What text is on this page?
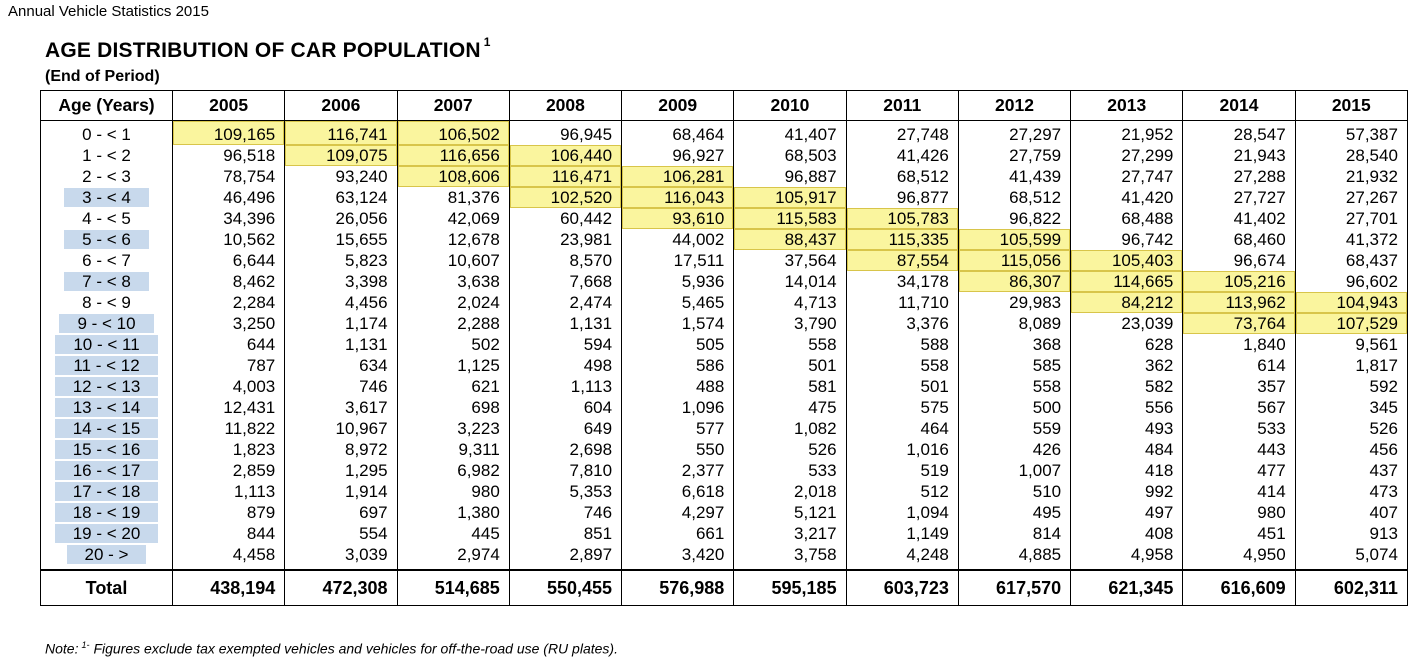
Annual Vehicle Statistics 2015
AGE DISTRIBUTION OF CAR POPULATION $^1$
(End of Period)
Age (Years)	2005	2006	2007	2008	2009	2010	2011	2012	2013	2014	2015
0 - < 1	109,165	116,741	106,502	96,945	68,464	41,407	27,748	27,297	21,952	28,547	57,387
1 - < 2	96,518	109,075	116,656	106,440	96,927	68,503	41,426	27,759	27,299	21,943	28,540
2 - < 3	78,754	93,240	108,606	116,471	106,281	96,887	68,512	41,439	27,747	27,288	21,932
3 - < 4	46,496	63,124	81,376	102,520	116,043	105,917	96,877	68,512	41,420	27,727	27,267
4 - < 5	34,396	26,056	42,069	60,442	93,610	115,583	105,783	96,822	68,488	41,402	27,701
5 - < 6	10,562	15,655	12,678	23,981	44,002	88,437	115,335	105,599	96,742	68,460	41,372
6 - < 7	6,644	5,823	10,607	8,570	17,511	37,564	87,554	115,056	105,403	96,674	68,437
7 - < 8	8,462	3,398	3,638	7,668	5,936	14,014	34,178	86,307	114,665	105,216	96,602
8 - < 9	2,284	4,456	2,024	2,474	5,465	4,713	11,710	29,983	84,212	113,962	104,943
9 - < 10	3,250	1,174	2,288	1,131	1,574	3,790	3,376	8,089	23,039	73,764	107,529
10 - < 11	644	1,131	502	594	505	558	588	368	628	1,840	9,561
11 - < 12	787	634	1,125	498	586	501	558	585	362	614	1,817
12 - < 13	4,003	746	621	1,113	488	581	501	558	582	357	592
13 - < 14	12,431	3,617	698	604	1,096	475	575	500	556	567	345
14 - < 15	11,822	10,967	3,223	649	577	1,082	464	559	493	533	526
15 - < 16	1,823	8,972	9,311	2,698	550	526	1,016	426	484	443	456
16 - < 17	2,859	1,295	6,982	7,810	2,377	533	519	1,007	418	477	437
17 - < 18	1,113	1,914	980	5,353	6,618	2,018	512	510	992	414	473
18 - < 19	879	697	1,380	746	4,297	5,121	1,094	495	497	980	407
19 - < 20	844	554	445	851	661	3,217	1,149	814	408	451	913
20 - >	4,458	3,039	2,974	2,897	3,420	3,758	4,248	4,885	4,958	4,950	5,074
Total	438,194	472,308	514,685	550,455	576,988	595,185	603,723	617,570	621,345	616,609	602,311
Note: $^{1-}$ Figures exclude tax exempted vehicles and vehicles for off-the-road use (RU plates).
